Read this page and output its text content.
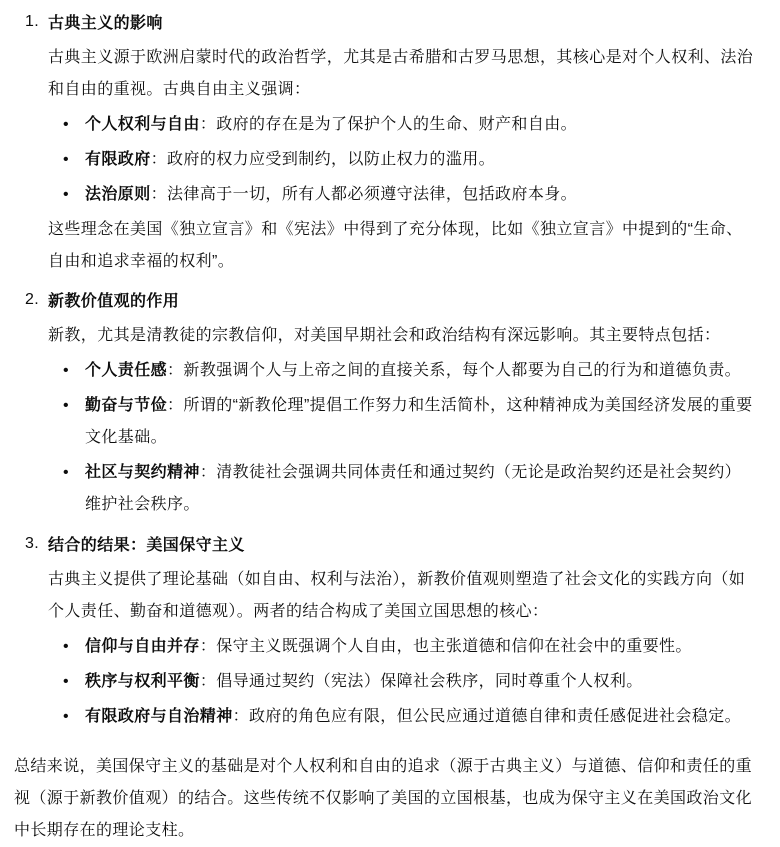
1. 古典主义的影响

古典主义源于欧洲启蒙时代的政治哲学，尤其是古希腊和古罗马思想，其核心是对个人权利、法治和自由的重视。古典自由主义强调：

• 个人权利与自由：政府的存在是为了保护个人的生命、财产和自由。
• 有限政府：政府的权力应受到制约，以防止权力的滥用。
• 法治原则：法律高于一切，所有人都必须遵守法律，包括政府本身。

这些理念在美国《独立宣言》和《宪法》中得到了充分体现，比如《独立宣言》中提到的“生命、自由和追求幸福的权利”。

2. 新教价值观的作用

新教，尤其是清教徒的宗教信仰，对美国早期社会和政治结构有深远影响。其主要特点包括：

• 个人责任感：新教强调个人与上帝之间的直接关系，每个人都要为自己的行为和道德负责。
• 勤奋与节俭：所谓的“新教伦理”提倡工作努力和生活简朴，这种精神成为美国经济发展的重要文化基础。
• 社区与契约精神：清教徒社会强调共同体责任和通过契约（无论是政治契约还是社会契约）维护社会秩序。
3. 结合的结果：美国保守主义

古典主义提供了理论基础（如自由、权利与法治），新教价值观则塑造了社会文化的实践方向（如个人责任、勤奋和道德观）。两者的结合构成了美国立国思想的核心：

• 信仰与自由并存：保守主义既强调个人自由，也主张道德和信仰在社会中的重要性。
• 秩序与权利平衡：倡导通过契约（宪法）保障社会秩序，同时尊重个人权利。
• 有限政府与自治精神：政府的角色应有限，但公民应通过道德自律和责任感促进社会稳定。

总结来说，美国保守主义的基础是对个人权利和自由的追求（源于古典主义）与道德、信仰和责任的重视（源于新教价值观）的结合。这些传统不仅影响了美国的立国根基，也成为保守主义在美国政治文化中长期存在的理论支柱。
